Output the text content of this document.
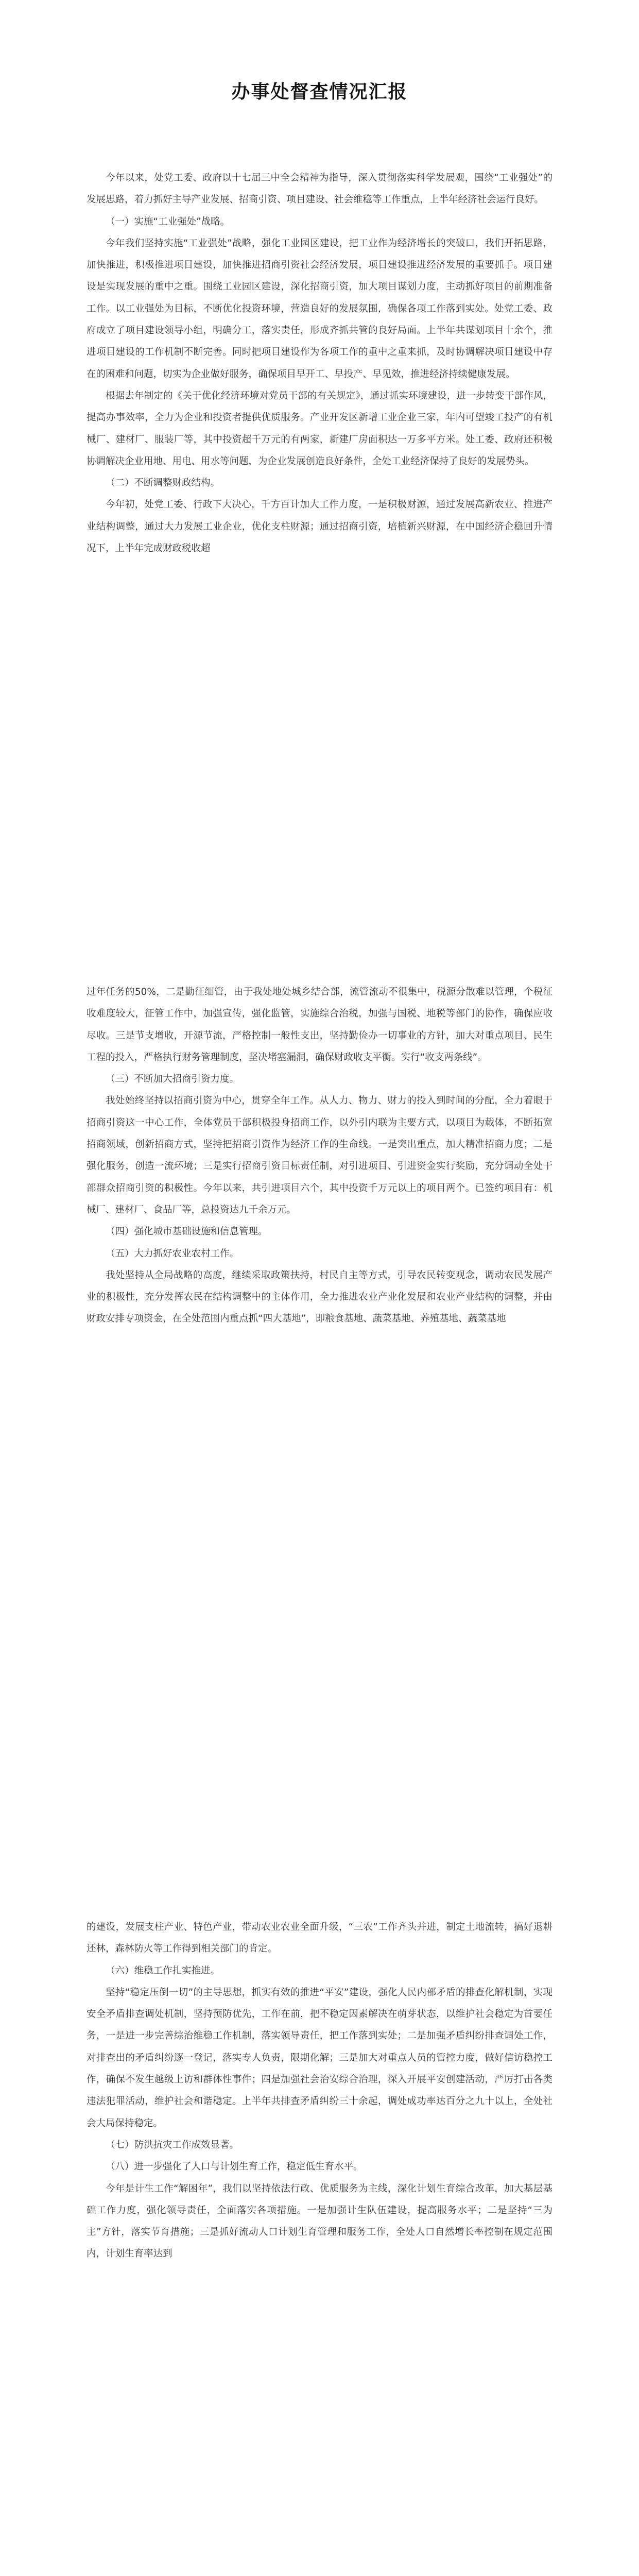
办事处督查情况汇报

今年以来，处党工委、政府以十七届三中全会精神为指导，深入贯彻落实科学发展观，围绕“工业强处”的发展思路，着力抓好主导产业发展、招商引资、项目建设、社会维稳等工作重点，上半年经济社会运行良好。

（一）实施“工业强处”战略。

今年我们坚持实施“工业强处”战略，强化工业园区建设，把工业作为经济增长的突破口，我们开拓思路，加快推进，积极推进项目建设，加快推进招商引资社会经济发展，项目建设推进经济发展的重要抓手。项目建设是实现发展的重中之重。围绕工业园区建设，深化招商引资，加大项目谋划力度，主动抓好项目的前期准备工作。以工业强处为目标，不断优化投资环境，营造良好的发展氛围，确保各项工作落到实处。处党工委、政府成立了项目建设领导小组，明确分工，落实责任，形成齐抓共管的良好局面。上半年共谋划项目十余个，推进项目建设的工作机制不断完善。同时把项目建设作为各项工作的重中之重来抓，及时协调解决项目建设中存在的困难和问题，切实为企业做好服务，确保项目早开工、早投产、早见效，推进经济持续健康发展。

根据去年制定的《关于优化经济环境对党员干部的有关规定》，通过抓实环境建设，进一步转变干部作风，提高办事效率，全力为企业和投资者提供优质服务。产业开发区新增工业企业三家，年内可望竣工投产的有机械厂、建材厂、服装厂等，其中投资超千万元的有两家，新建厂房面积达一万多平方米。处工委、政府还积极协调解决企业用地、用电、用水等问题，为企业发展创造良好条件，全处工业经济保持了良好的发展势头。

（二）不断调整财政结构。

今年初，处党工委、行政下大决心，千方百计加大工作力度，一是积极财源，通过发展高新农业、推进产业结构调整，通过大力发展工业企业，优化支柱财源；通过招商引资，培植新兴财源，在中国经济企稳回升情况下，上半年完成财政税收超

过年任务的50%，二是勤征细管，由于我处地处城乡结合部，流管流动不很集中，税源分散难以管理，个税征收难度较大，征管工作中，加强宣传，强化监管，实施综合治税，加强与国税、地税等部门的协作，确保应收尽收。三是节支增收，开源节流，严格控制一般性支出，坚持勤俭办一切事业的方针，加大对重点项目、民生工程的投入，严格执行财务管理制度，坚决堵塞漏洞，确保财政收支平衡。实行“收支两条线”。

（三）不断加大招商引资力度。

我处始终坚持以招商引资为中心，贯穿全年工作。从人力、物力、财力的投入到时间的分配，全力着眼于招商引资这一中心工作，全体党员干部积极投身招商工作，以外引内联为主要方式，以项目为载体，不断拓宽招商领域，创新招商方式，坚持把招商引资作为经济工作的生命线。一是突出重点，加大精准招商力度；二是强化服务，创造一流环境；三是实行招商引资目标责任制，对引进项目、引进资金实行奖励，充分调动全处干部群众招商引资的积极性。今年以来，共引进项目六个，其中投资千万元以上的项目两个。已签约项目有：机械厂、建材厂、食品厂等，总投资达九千余万元。

（四）强化城市基础设施和信息管理。

（五）大力抓好农业农村工作。

我处坚持从全局战略的高度，继续采取政策扶持，村民自主等方式，引导农民转变观念，调动农民发展产业的积极性，充分发挥农民在结构调整中的主体作用，全力推进农业产业化发展和农业产业结构的调整，并由财政安排专项资金，在全处范围内重点抓“四大基地”，即粮食基地、蔬菜基地、养殖基地、蔬菜基地

的建设，发展支柱产业、特色产业，带动农业农业全面升级，“三农”工作齐头并进，制定土地流转，搞好退耕还林，森林防火等工作得到相关部门的肯定。

（六）维稳工作扎实推进。

坚持“稳定压倒一切”的主导思想，抓实有效的推进“平安”建设，强化人民内部矛盾的排查化解机制，实现安全矛盾排查调处机制，坚持预防优先，工作在前，把不稳定因素解决在萌芽状态，以维护社会稳定为首要任务，一是进一步完善综治维稳工作机制，落实领导责任，把工作落到实处；二是加强矛盾纠纷排查调处工作，对排查出的矛盾纠纷逐一登记，落实专人负责，限期化解；三是加大对重点人员的管控力度，做好信访稳控工作，确保不发生越级上访和群体性事件；四是加强社会治安综合治理，深入开展平安创建活动，严厉打击各类违法犯罪活动，维护社会和谐稳定。上半年共排查矛盾纠纷三十余起，调处成功率达百分之九十以上，全处社会大局保持稳定。

（七）防洪抗灾工作成效显著。

（八）进一步强化了人口与计划生育工作，稳定低生育水平。

今年是计生工作“解困年”，我们以坚持依法行政、优质服务为主线，深化计划生育综合改革，加大基层基础工作力度，强化领导责任，全面落实各项措施。一是加强计生队伍建设，提高服务水平；二是坚持“三为主”方针，落实节育措施；三是抓好流动人口计划生育管理和服务工作，全处人口自然增长率控制在规定范围内，计划生育率达到
